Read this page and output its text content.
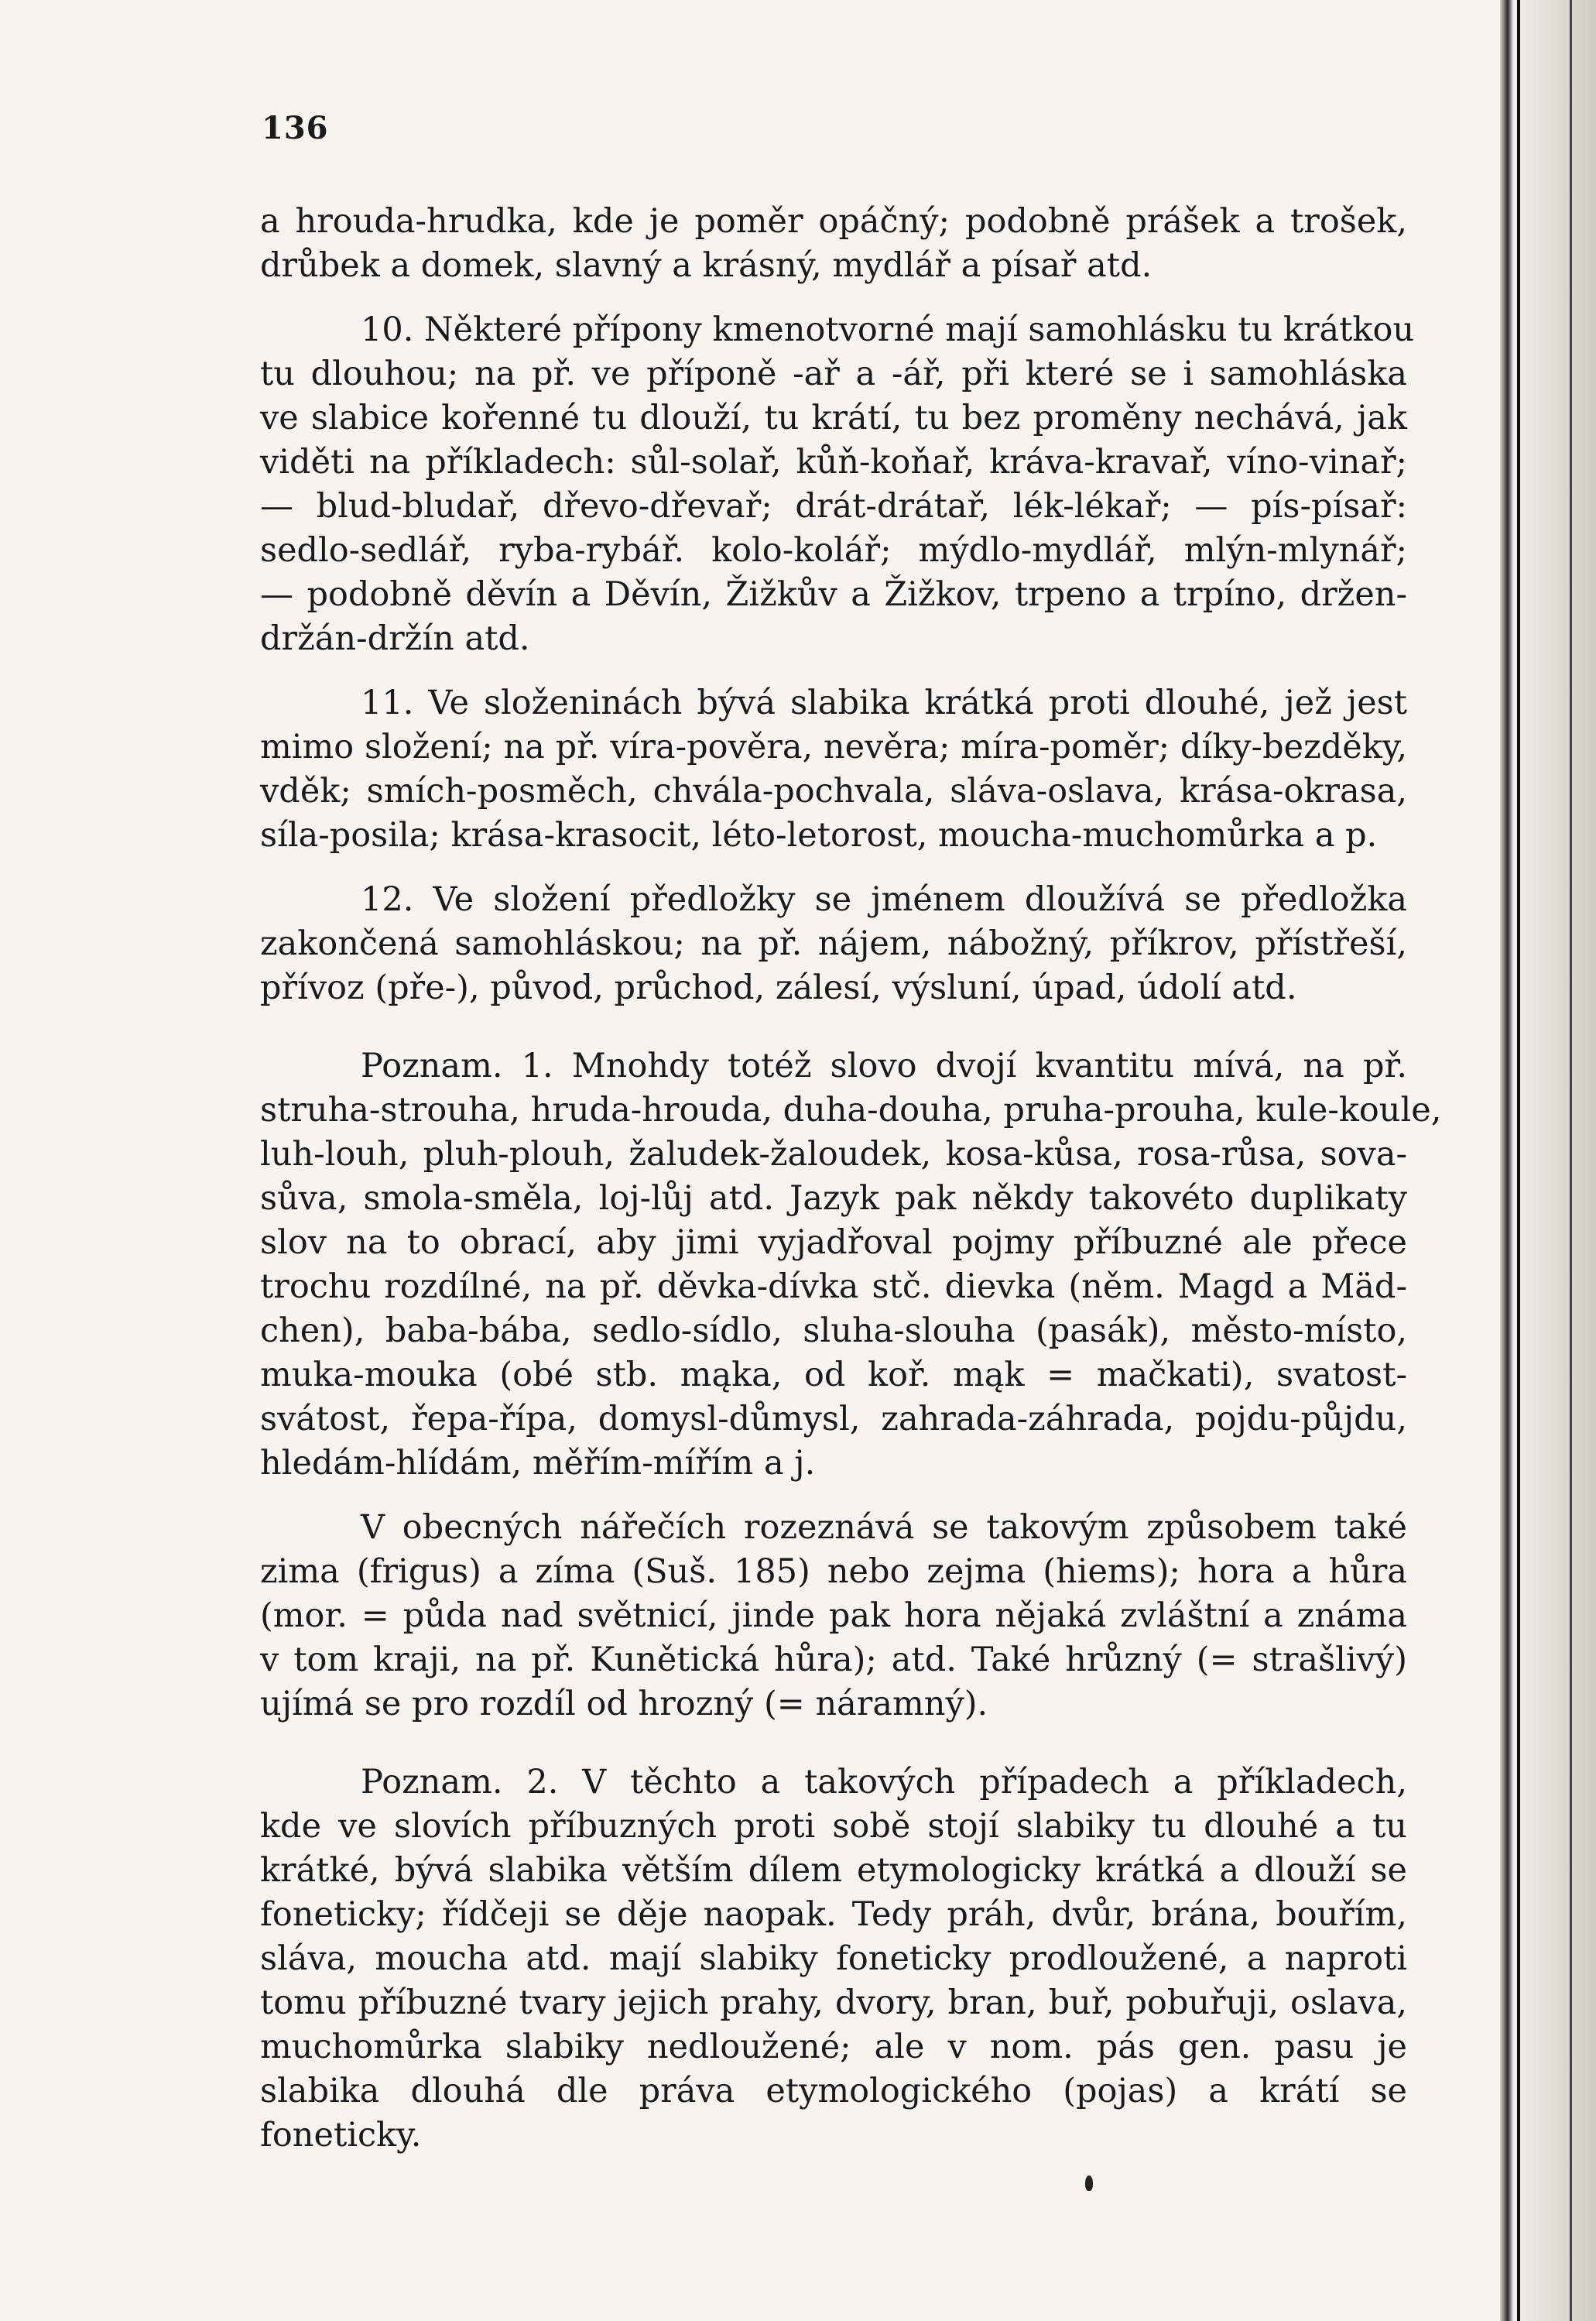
136
a hrouda-hrudka, kde je poměr opáčný; podobně prášek a trošek,
drůbek a domek, slavný a krásný, mydlář a písař atd.
10. Některé přípony kmenotvorné mají samohlásku tu krátkou
tu dlouhou; na př. ve příponě -ař a -ář, při které se i samohláska
ve slabice kořenné tu dlouží, tu krátí, tu bez proměny nechává, jak
viděti na příkladech: sůl-solař, kůň-koňař, kráva-kravař, víno-vinař;
— blud-bludař, dřevo-dřevař; drát-drátař, lék-lékař; — pís-písař:
sedlo-sedlář, ryba-rybář. kolo-kolář; mýdlo-mydlář, mlýn-mlynář;
— podobně děvín a Děvín, Žižkův a Žižkov, trpeno a trpíno, držen-
držán-držín atd.
11. Ve složeninách bývá slabika krátká proti dlouhé, jež jest
mimo složení; na př. víra-pověra, nevěra; míra-poměr; díky-bezděky,
vděk; smích-posměch, chvála-pochvala, sláva-oslava, krása-okrasa,
síla-posila; krása-krasocit, léto-letorost, moucha-muchomůrka a p.
12. Ve složení předložky se jménem dloužívá se předložka
zakončená samohláskou; na př. nájem, nábožný, příkrov, přístřeší,
přívoz (pře-), původ, průchod, zálesí, výsluní, úpad, údolí atd.
Poznam. 1. Mnohdy totéž slovo dvojí kvantitu mívá, na př.
struha-strouha, hruda-hrouda, duha-douha, pruha-prouha, kule-koule,
luh-louh, pluh-plouh, žaludek-žaloudek, kosa-kůsa, rosa-růsa, sova-
sůva, smola-směla, loj-lůj atd. Jazyk pak někdy takovéto duplikaty
slov na to obrací, aby jimi vyjadřoval pojmy příbuzné ale přece
trochu rozdílné, na př. děvka-dívka stč. dievka (něm. Magd a Mäd-
chen), baba-bába, sedlo-sídlo, sluha-slouha (pasák), město-místo,
muka-mouka (obé stb. mąka, od koř. mąk = mačkati), svatost-
svátost, řepa-řípa, domysl-důmysl, zahrada-záhrada, pojdu-půjdu,
hledám-hlídám, měřím-mířím a j.
V obecných nářečích rozeznává se takovým způsobem také
zima (frigus) a zíma (Suš. 185) nebo zejma (hiems); hora a hůra
(mor. = půda nad světnicí, jinde pak hora nějaká zvláštní a známa
v tom kraji, na př. Kunětická hůra); atd. Také hrůzný (= strašlivý)
ujímá se pro rozdíl od hrozný (= náramný).
Poznam. 2. V těchto a takových případech a příkladech,
kde ve slovích příbuzných proti sobě stojí slabiky tu dlouhé a tu
krátké, bývá slabika větším dílem etymologicky krátká a dlouží se
foneticky; řídčeji se děje naopak. Tedy práh, dvůr, brána, bouřím,
sláva, moucha atd. mají slabiky foneticky prodloužené, a naproti
tomu příbuzné tvary jejich prahy, dvory, bran, buř, pobuřuji, oslava,
muchomůrka slabiky nedloužené; ale v nom. pás gen. pasu je
slabika dlouhá dle práva etymologického (pojas) a krátí se
foneticky.
